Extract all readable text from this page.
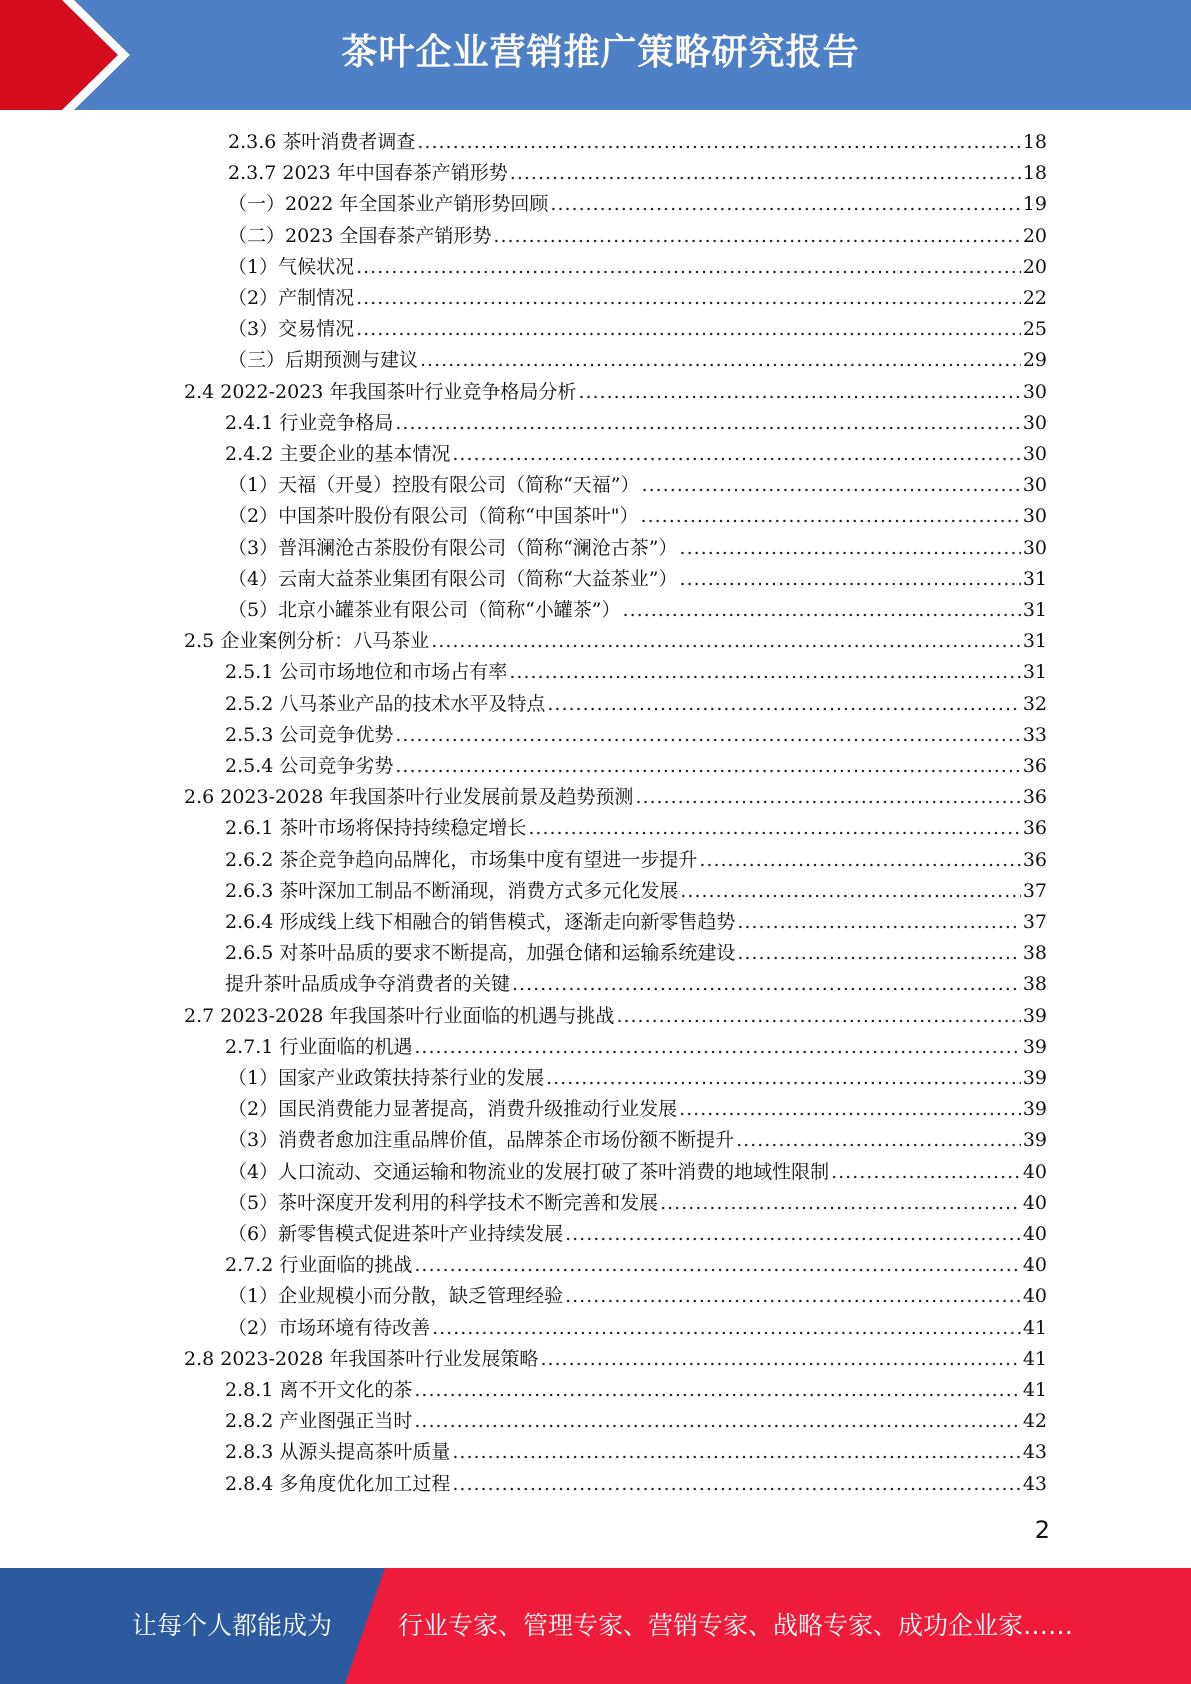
茶叶企业营销推广策略研究报告
2.3.6 茶叶消费者调查 .....	18
2.3.7 2023 年中国春茶产销形势 .....	18
（一）2022 年全国茶业产销形势回顾 .....	19
（二）2023 全国春茶产销形势 .....	20
（1）气候状况 .....	20
（2）产制情况 .....	22
（3）交易情况 .....	25
（三）后期预测与建议 .....	29
2.4 2022-2023 年我国茶叶行业竞争格局分析 .....	30
2.4.1 行业竞争格局 .....	30
2.4.2 主要企业的基本情况 .....	30
（1）天福（开曼）控股有限公司（简称“天福”） .....	30
（2）中国茶叶股份有限公司（简称“中国茶叶"） .....	30
（3）普洱澜沧古茶股份有限公司（简称“澜沧古茶”） .....	30
（4）云南大益茶业集团有限公司（简称“大益茶业”） .....	31
（5）北京小罐茶业有限公司（简称“小罐茶”） .....	31
2.5 企业案例分析：八马茶业 .....	31
2.5.1 公司市场地位和市场占有率 .....	31
2.5.2 八马茶业产品的技术水平及特点 .....	32
2.5.3 公司竞争优势 .....	33
2.5.4 公司竞争劣势 .....	36
2.6 2023-2028 年我国茶叶行业发展前景及趋势预测 .....	36
2.6.1 茶叶市场将保持持续稳定增长 .....	36
2.6.2 茶企竞争趋向品牌化，市场集中度有望进一步提升 .....	36
2.6.3 茶叶深加工制品不断涌现，消费方式多元化发展 .....	37
2.6.4 形成线上线下相融合的销售模式，逐渐走向新零售趋势 .....	37
2.6.5 对茶叶品质的要求不断提高，加强仓储和运输系统建设 .....	38
提升茶叶品质成争夺消费者的关键 .....	38
2.7 2023-2028 年我国茶叶行业面临的机遇与挑战 .....	39
2.7.1 行业面临的机遇 .....	39
（1）国家产业政策扶持茶行业的发展 .....	39
（2）国民消费能力显著提高，消费升级推动行业发展 .....	39
（3）消费者愈加注重品牌价值，品牌茶企市场份额不断提升 .....	39
（4）人口流动、交通运输和物流业的发展打破了茶叶消费的地域性限制 .....	40
（5）茶叶深度开发利用的科学技术不断完善和发展 .....	40
（6）新零售模式促进茶叶产业持续发展 .....	40
2.7.2 行业面临的挑战 .....	40
（1）企业规模小而分散，缺乏管理经验 .....	40
（2）市场环境有待改善 .....	41
2.8 2023-2028 年我国茶叶行业发展策略 .....	41
2.8.1 离不开文化的茶 .....	41
2.8.2 产业图强正当时 .....	42
2.8.3 从源头提高茶叶质量 .....	43
2.8.4 多角度优化加工过程 .....	43
2
让每个人都能成为	行业专家、管理专家、营销专家、战略专家、成功企业家……
